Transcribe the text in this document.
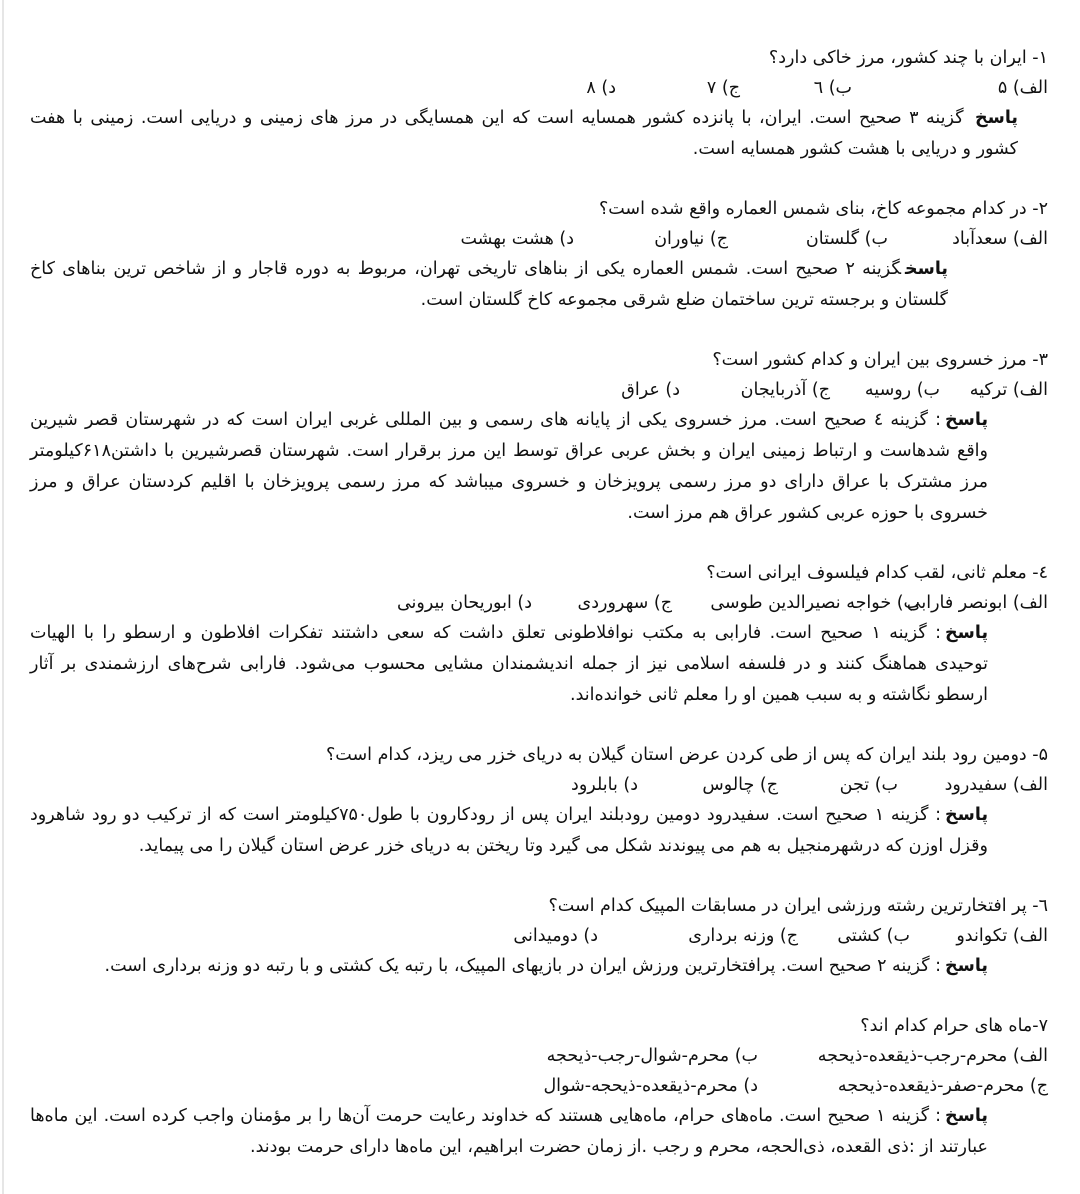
۱- ایران با چند کشور، مرز خاکی دارد؟

الف) ۵ب) ٦ج) ۷د) ۸

پاسخ گزینه ۳ صحیح است. ایران، با پانزده کشور همسایه است که این همسایگی در مرز های زمینی و دریایی است. زمینی با هفت کشور و دریایی با هشت کشور همسایه است.

۲- در کدام مجموعه کاخ، بنای شمس العماره واقع شده است؟

الف) سعدآبادب) گلستانج) نیاوراند) هشت بهشت

پاسخگزینه ۲ صحیح است. شمس العماره یکی از بناهای تاریخی تهران، مربوط به دوره قاجار و از شاخص ترین بناهای کاخ گلستان و برجسته ترین ساختمان ضلع شرقی مجموعه کاخ گلستان است.

۳- مرز خسروی بین ایران و کدام کشور است؟

الف) ترکیهب) روسیهج) آذربایجاند) عراق

پاسخ: گزینه ٤ صحیح است. مرز خسروی یکی از پایانه های رسمی و بین المللی غربی ایران است که در شهرستان قصر شیرین واقع شدهاست و ارتباط زمینی ایران و بخش عربی عراق توسط این مرز برقرار است. شهرستان قصرشیرین با داشتن۶۱۸کیلومتر مرز مشترک با عراق دارای دو مرز رسمی پرویزخان و خسروی میباشد که مرز رسمی پرویزخان با اقلیم کردستان عراق و مرز خسروی با حوزه عربی کشور عراق هم مرز است.

٤- معلم ثانی، لقب کدام فیلسوف ایرانی است؟

الف) ابونصر فارابیب) خواجه نصیرالدین طوسیج) سهروردید) ابوریحان بیرونی

پاسخ: گزینه ۱ صحیح است. فارابی به مکتب نوافلاطونی تعلق داشت که سعی داشتند تفکرات افلاطون و ارسطو را با الهیات توحیدی هماهنگ کنند و در فلسفه اسلامی نیز از جمله اندیشمندان مشایی محسوب می‌شود. فارابی شرح‌های ارزشمندی بر آثار ارسطو نگاشته و به سبب همین او را معلم ثانی خوانده‌اند.

۵- دومین رود بلند ایران که پس از طی کردن عرض استان گیلان به دریای خزر می ریزد، کدام است؟

الف) سفیدرودب) تجنج) چالوسد) بابلرود

پاسخ: گزینه ۱ صحیح است. سفیدرود دومین رودبلند ایران پس از رودکارون با طول۷۵۰کیلومتر است که از ترکیب دو رود شاهرود وقزل اوزن که درشهرمنجیل به هم می پیوندند شکل می گیرد وتا ریختن به دریای خزر عرض استان گیلان را می پیماید.

٦- پر افتخارترین رشته ورزشی ایران در مسابقات المپیک کدام است؟

الف) تکواندوب) کشتیج) وزنه بردارید) دومیدانی

پاسخ: گزینه ۲ صحیح است. پرافتخارترین ورزش ایران در بازیهای المپیک، با رتبه یک کشتی و با رتبه دو وزنه برداری است.

۷-ماه های حرام کدام اند؟

الف) محرم-رجب-ذیقعده-ذیحجه
ب) محرم-شوال-رجب-ذیحجه
ج) محرم-صفر-ذیقعده-ذیحجه
د) محرم-ذیقعده-ذیحجه-شوال

پاسخ: گزینه ۱ صحیح است. ماه‌های حرام، ماه‌هایی هستند که خداوند رعایت حرمت آن‌ها را بر مؤمنان واجب کرده است. این ماه‌ها عبارتند از :ذی القعده، ذی‌الحجه، محرم و رجب .از زمان حضرت ابراهیم، این ماه‌ها دارای حرمت بودند.
